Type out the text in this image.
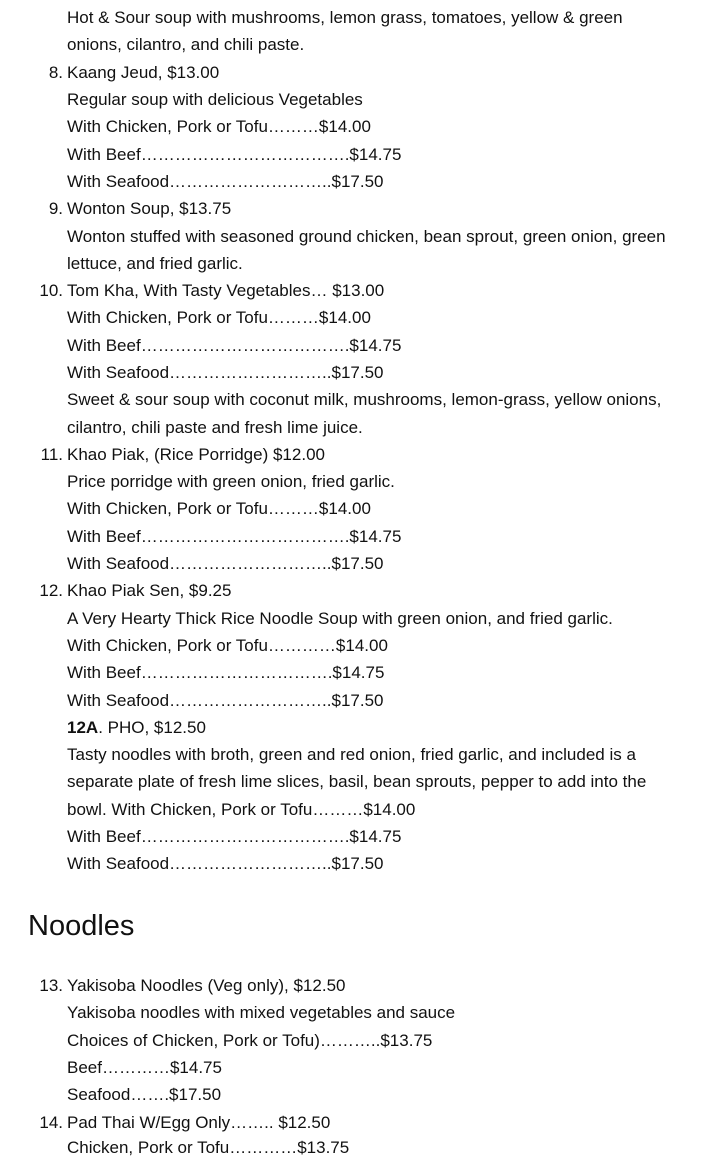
Hot & Sour soup with mushrooms, lemon grass, tomatoes, yellow & green
onions, cilantro, and chili paste.
8. Kaang Jeud, $13.00
Regular soup with delicious Vegetables
With Chicken, Pork or Tofu………$14.00
With Beef……………………………….$14.75
With Seafood………………………..$17.50
9. Wonton Soup, $13.75
Wonton stuffed with seasoned ground chicken, bean sprout, green onion, green
lettuce, and fried garlic.
10. Tom Kha, With Tasty Vegetables… $13.00
With Chicken, Pork or Tofu………$14.00
With Beef……………………………….$14.75
With Seafood………………………..$17.50
Sweet & sour soup with coconut milk, mushrooms, lemon-grass, yellow onions,
cilantro, chili paste and fresh lime juice.
11. Khao Piak, (Rice Porridge) $12.00
Price porridge with green onion, fried garlic.
With Chicken, Pork or Tofu………$14.00
With Beef……………………………….$14.75
With Seafood………………………..$17.50
12. Khao Piak Sen, $9.25
A Very Hearty Thick Rice Noodle Soup with green onion, and fried garlic.
With Chicken, Pork or Tofu…………$14.00
With Beef…………………………….$14.75
With Seafood………………………..$17.50
12A. PHO, $12.50
Tasty noodles with broth, green and red onion, fried garlic, and included is a
separate plate of fresh lime slices, basil, bean sprouts, pepper to add into the
bowl. With Chicken, Pork or Tofu………$14.00
With Beef……………………………….$14.75
With Seafood………………………..$17.50
Noodles
13. Yakisoba Noodles (Veg only), $12.50
Yakisoba noodles with mixed vegetables and sauce
Choices of Chicken, Pork or Tofu)………..$13.75
Beef…………$14.75
Seafood…….$17.50
14. Pad Thai W/Egg Only…….. $12.50
Chicken, Pork or Tofu…………$13.75
